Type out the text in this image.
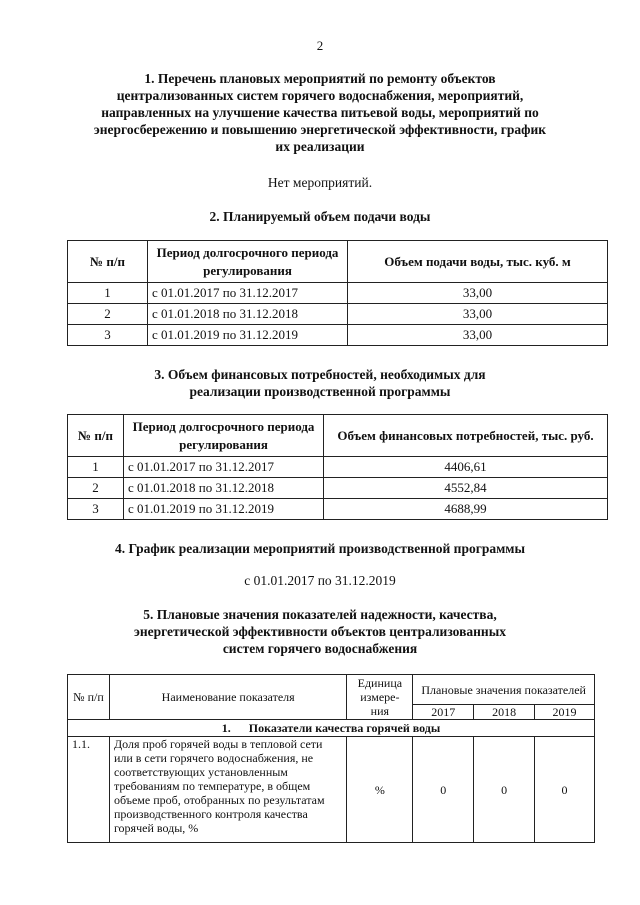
2
1. Перечень плановых мероприятий по ремонту объектов
централизованных систем горячего водоснабжения, мероприятий,
направленных на улучшение качества питьевой воды, мероприятий по
энергосбережению и повышению энергетической эффективности, график
их реализации
Нет мероприятий.
2. Планируемый объем подачи воды
№ п/п	Период долгосрочного периода регулирования	Объем подачи воды, тыс. куб. м
1	с 01.01.2017 по 31.12.2017	33,00
2	с 01.01.2018 по 31.12.2018	33,00
3	с 01.01.2019 по 31.12.2019	33,00
3. Объем финансовых потребностей, необходимых для
реализации производственной программы
№ п/п	Период долгосрочного периода регулирования	Объем финансовых потребностей, тыс. руб.
1	с 01.01.2017 по 31.12.2017	4406,61
2	с 01.01.2018 по 31.12.2018	4552,84
3	с 01.01.2019 по 31.12.2019	4688,99
4. График реализации мероприятий производственной программы
с 01.01.2017 по 31.12.2019
5. Плановые значения показателей надежности, качества,
энергетической эффективности объектов централизованных
систем горячего водоснабжения
№ п/п	Наименование показателя	Единица измере-ния	Плановые значения показателей		
			2017	2018	2019
1. Показатели качества горячей воды					
1.1.	Доля проб горячей воды в тепловой сети или в сети горячего водоснабжения, не соответствующих установленным требованиям по температуре, в общем объеме проб, отобранных по результатам производственного контроля качества горячей воды, %	%	0	0	0
